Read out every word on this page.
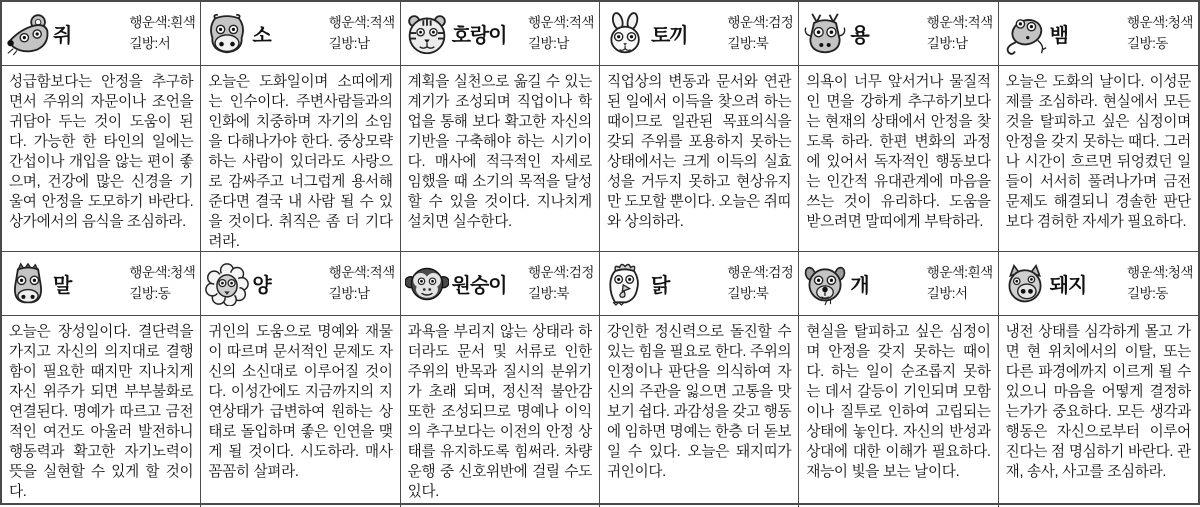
쥐
행운색:흰색
길방:서

성급함보다는 안정을 추구하면서 주위의 자문이나 조언을 귀담아 두는 것이 도움이 된다. 가능한 한 타인의 일에는 간섭이나 개입을 않는 편이 좋으며, 건강에 많은 신경을 기울여 안정을 도모하기 바란다. 상가에서의 음식을 조심하라.

소
행운색:적색
길방:남

오늘은 도화일이며 소띠에게는 인수이다. 주변사람들과의 인화에 치중하며 자기의 소임을 다해나가야 한다. 중상모략 하는 사람이 있더라도 사랑으로 감싸주고 너그럽게 용서해 준다면 결국 내 사람 될 수 있을 것이다. 취직은 좀 더 기다려라.

호랑이
행운색:적색
길방:남

계획을 실천으로 옮길 수 있는 계기가 조성되며 직업이나 학업을 통해 보다 확고한 자신의 기반을 구축해야 하는 시기이다. 매사에 적극적인 자세로 임했을 때 소기의 목적을 달성할 수 있을 것이다. 지나치게 설치면 실수한다.

토끼
행운색:검정
길방:북

직업상의 변동과 문서와 연관된 일에서 이득을 찾으려 하는 때이므로 일관된 목표의식을 갖되 주위를 포용하지 못하는 상태에서는 크게 이득의 실효성을 거두지 못하고 현상유지만 도모할 뿐이다. 오늘은 쥐띠와 상의하라.

용
행운색:적색
길방:남

의욕이 너무 앞서거나 물질적인 면을 강하게 추구하기보다는 현재의 상태에서 안정을 찾도록 하라. 한편 변화의 과정에 있어서 독자적인 행동보다는 인간적 유대관계에 마음을 쓰는 것이 유리하다. 도움을 받으려면 말띠에게 부탁하라.

뱀
행운색:청색
길방:동

오늘은 도화의 날이다. 이성문제를 조심하라. 현실에서 모든 것을 탈피하고 싶은 심정이며 안정을 갖지 못하는 때다. 그러나 시간이 흐르면 뒤엉켰던 일들이 서서히 풀려나가며 금전문제도 해결되니 경솔한 판단보다 겸허한 자세가 필요하다.

말
행운색:청색
길방:동

오늘은 장성일이다. 결단력을 가지고 자신의 의지대로 결행함이 필요한 때지만 지나치게 자신 위주가 되면 부부불화로 연결된다. 명예가 따르고 금전적인 여건도 아울러 발전하니 행동력과 확고한 자기노력이 뜻을 실현할 수 있게 할 것이다.

양
행운색:적색
길방:남

귀인의 도움으로 명예와 재물이 따르며 문서적인 문제도 자신의 소신대로 이루어질 것이다. 이성간에도 지금까지의 지연상태가 급변하여 원하는 상태로 돌입하며 좋은 인연을 맺게 될 것이다. 시도하라. 매사 꼼꼼히 살펴라.

원숭이
행운색:검정
길방:북

과욕을 부리지 않는 상태라 하더라도 문서 및 서류로 인한 주위의 반목과 질시의 분위기가 초래 되며, 정신적 불안감 또한 조성되므로 명예나 이익의 추구보다는 이전의 안정 상태를 유지하도록 힘써라. 차량 운행 중 신호위반에 걸릴 수도 있다.

닭
행운색:검정
길방:북

강인한 정신력으로 돌진할 수 있는 힘을 필요로 한다. 주위의 인정이나 판단을 의식하여 자신의 주관을 잃으면 고통을 맛보기 쉽다. 과감성을 갖고 행동에 임하면 명예는 한층 더 돋보일 수 있다. 오늘은 돼지띠가 귀인이다.

개
행운색:흰색
길방:서

현실을 탈피하고 싶은 심정이며 안정을 갖지 못하는 때이다. 하는 일이 순조롭지 못하는 데서 갈등이 기인되며 모함이나 질투로 인하여 고립되는 상태에 놓인다. 자신의 반성과 상대에 대한 이해가 필요하다. 재능이 빛을 보는 날이다.

돼지
행운색:청색
길방:동

냉전 상태를 심각하게 몰고 가면 현 위치에서의 이탈, 또는 다른 파경에까지 이르게 될 수 있으니 마음을 어떻게 결정하는가가 중요하다. 모든 생각과 행동은 자신으로부터 이루어진다는 점 명심하기 바란다. 관재, 송사, 사고를 조심하라.
